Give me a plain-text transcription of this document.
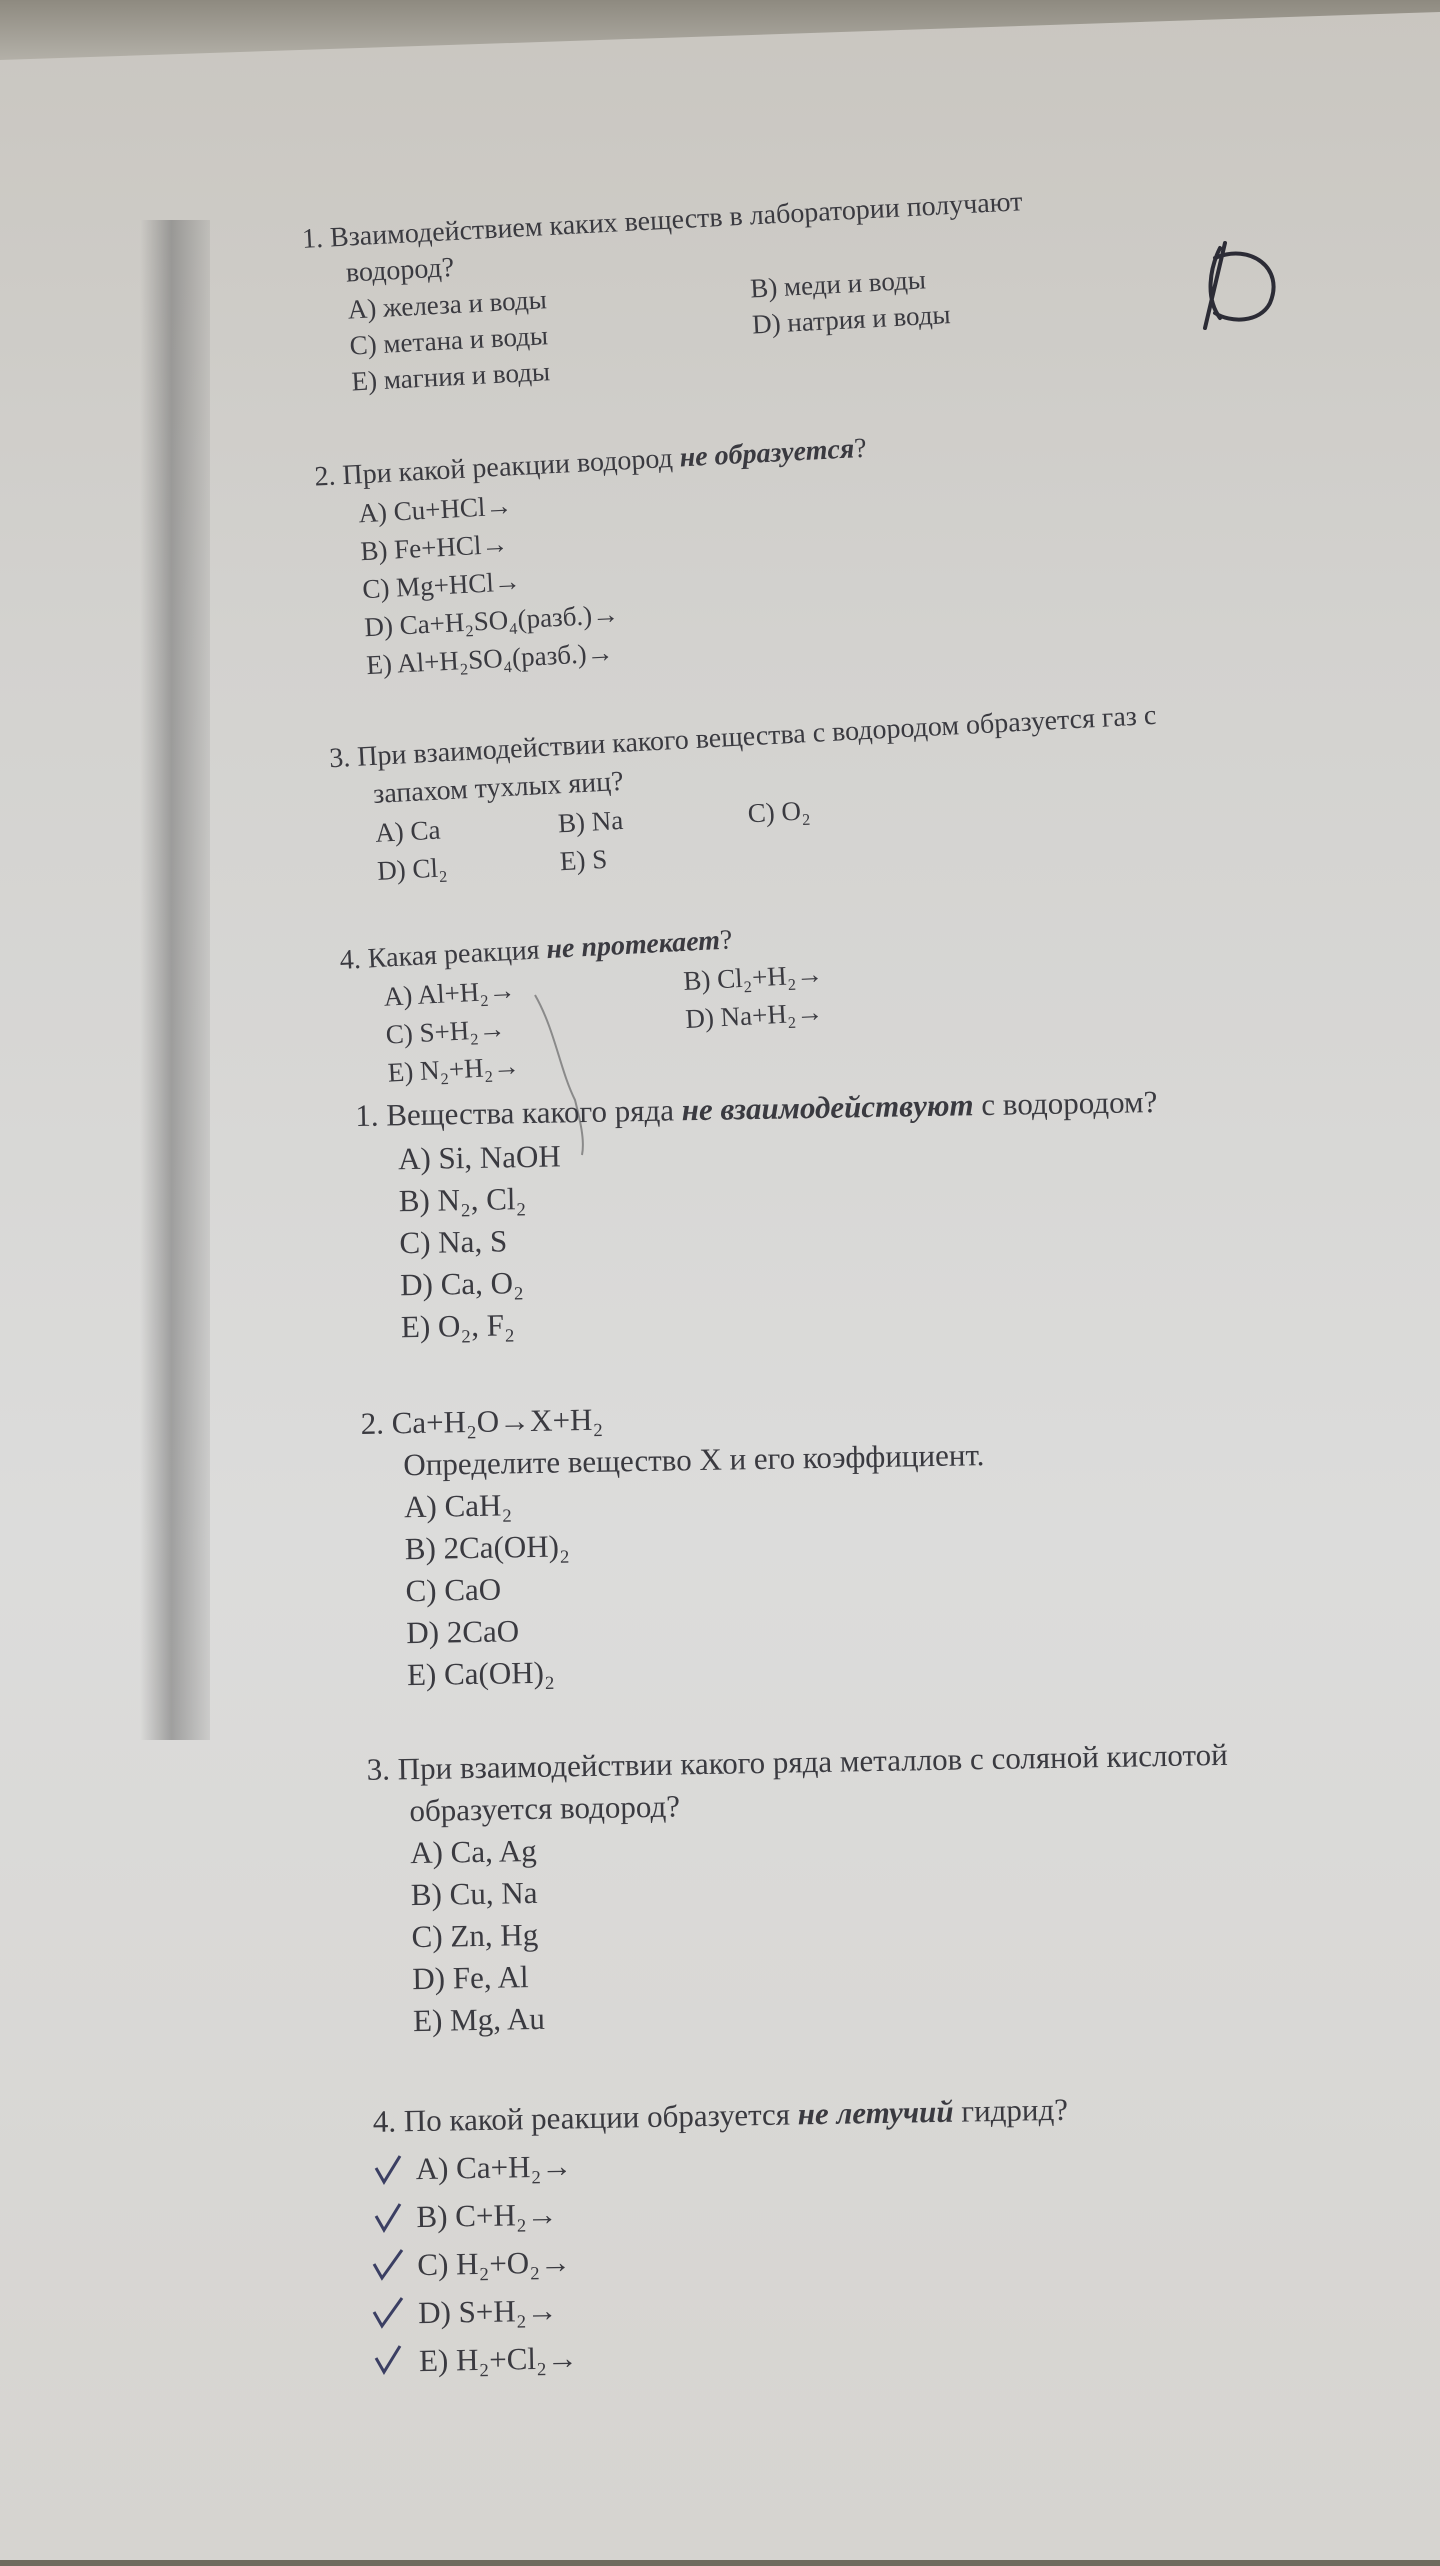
1. Взаимодействием каких веществ в лаборатории получают
водород?
A) железа и воды
B) меди и воды
C) метана и воды
D) натрия и воды
E) магния и воды
2. При какой реакции водород не образуется?
A) Cu+HCl→
B) Fe+HCl→
C) Mg+HCl→
D) Ca+H₂SO₄(разб.)→
E) Al+H₂SO₄(разб.)→
3. При взаимодействии какого вещества с водородом образуется газ с
запахом тухлых яиц?
A) Ca	B) Na	C) O₂
D) Cl₂	E) S
4. Какая реакция не протекает?
A) Al+H₂→	B) Cl₂+H₂→
C) S+H₂→	D) Na+H₂→
E) N₂+H₂→
1. Вещества какого ряда не взаимодействуют с водородом?
A) Si, NaOH
B) N₂, Cl₂
C) Na, S
D) Ca, O₂
E) O₂, F₂
2. Ca+H₂O→X+H₂
Определите вещество X и его коэффициент.
A) CaH₂
B) 2Ca(OH)₂
C) CaO
D) 2CaO
E) Ca(OH)₂
3. При взаимодействии какого ряда металлов с соляной кислотой
образуется водород?
A) Ca, Ag
B) Cu, Na
C) Zn, Hg
D) Fe, Al
E) Mg, Au
4. По какой реакции образуется не летучий гидрид?
A) Ca+H₂→
B) C+H₂→
C) H₂+O₂→
D) S+H₂→
E) H₂+Cl₂→
